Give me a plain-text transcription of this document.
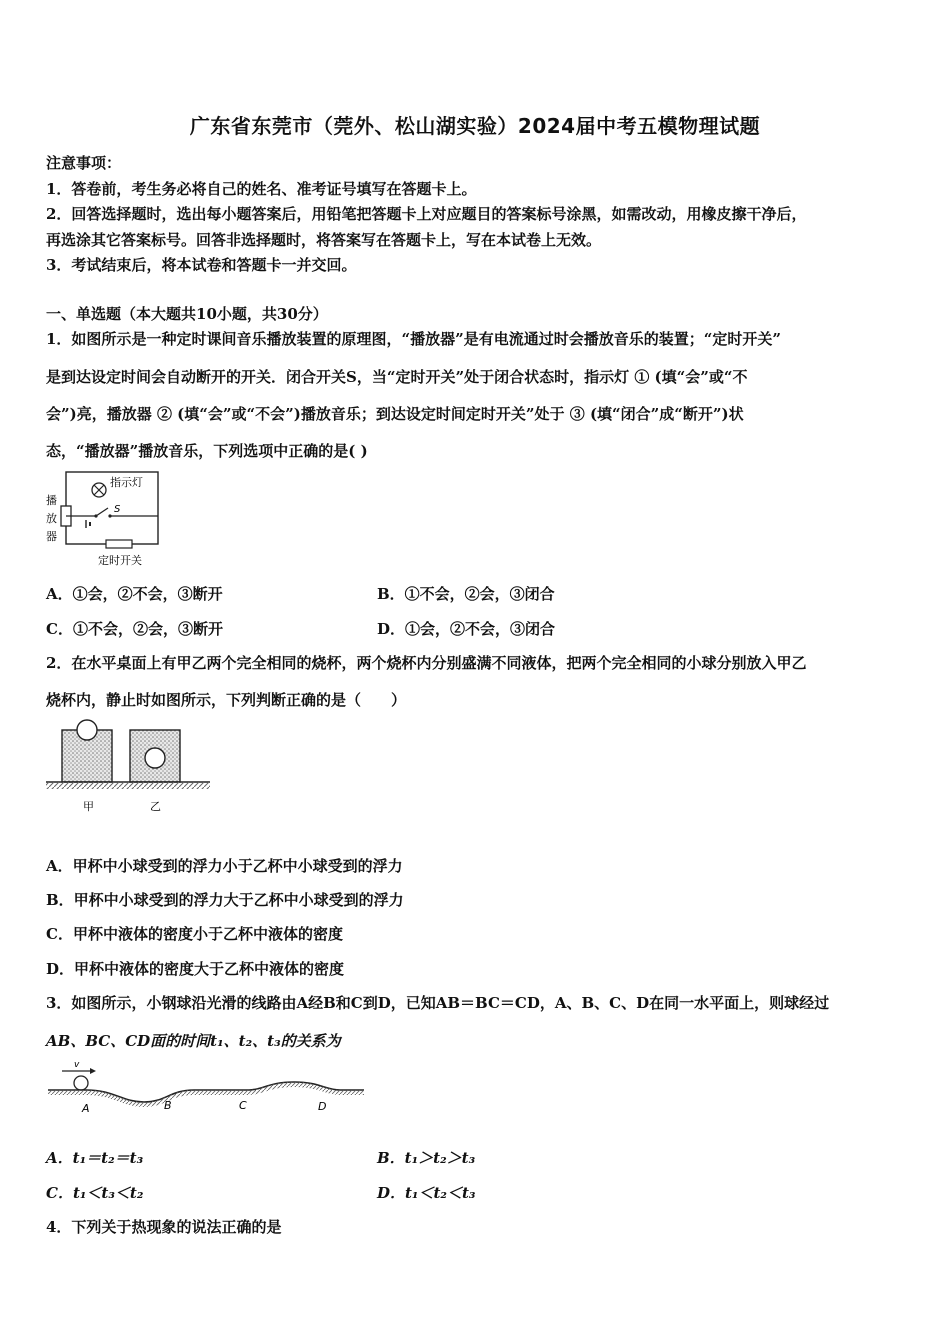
广东省东莞市（莞外、松山湖实验）2024届中考五模物理试题
注意事项：
1．答卷前，考生务必将自己的姓名、准考证号填写在答题卡上。
2．回答选择题时，选出每小题答案后，用铅笔把答题卡上对应题目的答案标号涂黑，如需改动，用橡皮擦干净后，
再选涂其它答案标号。回答非选择题时，将答案写在答题卡上，写在本试卷上无效。
3．考试结束后，将本试卷和答题卡一并交回。
一、单选题（本大题共10小题，共30分）
1．如图所示是一种定时课间音乐播放装置的原理图，“播放器”是有电流通过时会播放音乐的装置；“定时开关”
是到达设定时间会自动断开的开关．闭合开关S，当“定时开关”处于闭合状态时，指示灯 ① (填“会”或“不
会”)亮，播放器 ② (填“会”或“不会”)播放音乐；到达设定时间定时开关”处于 ③ (填“闭合”成“断开”)状
态，“播放器”播放音乐，下列选项中正确的是( )
指示灯
播
放
器
S
定时开关
A．①会，②不会，③断开	B．①不会，②会，③闭合
C．①不会，②会，③断开	D．①会，②不会，③闭合
2．在水平桌面上有甲乙两个完全相同的烧杯，两个烧杯内分别盛满不同液体，把两个完全相同的小球分别放入甲乙
烧杯内，静止时如图所示，下列判断正确的是（　　）
甲	乙
A．甲杯中小球受到的浮力小于乙杯中小球受到的浮力
B．甲杯中小球受到的浮力大于乙杯中小球受到的浮力
C．甲杯中液体的密度小于乙杯中液体的密度
D．甲杯中液体的密度大于乙杯中液体的密度
3．如图所示，小钢球沿光滑的线路由A经B和C到D，已知AB＝BC＝CD，A、B、C、D在同一水平面上，则球经过
AB、BC、CD面的时间t₁、t₂、t₃的关系为
v
A	B	C	D
A．t₁＝t₂＝t₃	B．t₁＞t₂＞t₃
C．t₁＜t₃＜t₂	D．t₁＜t₂＜t₃
4．下列关于热现象的说法正确的是
